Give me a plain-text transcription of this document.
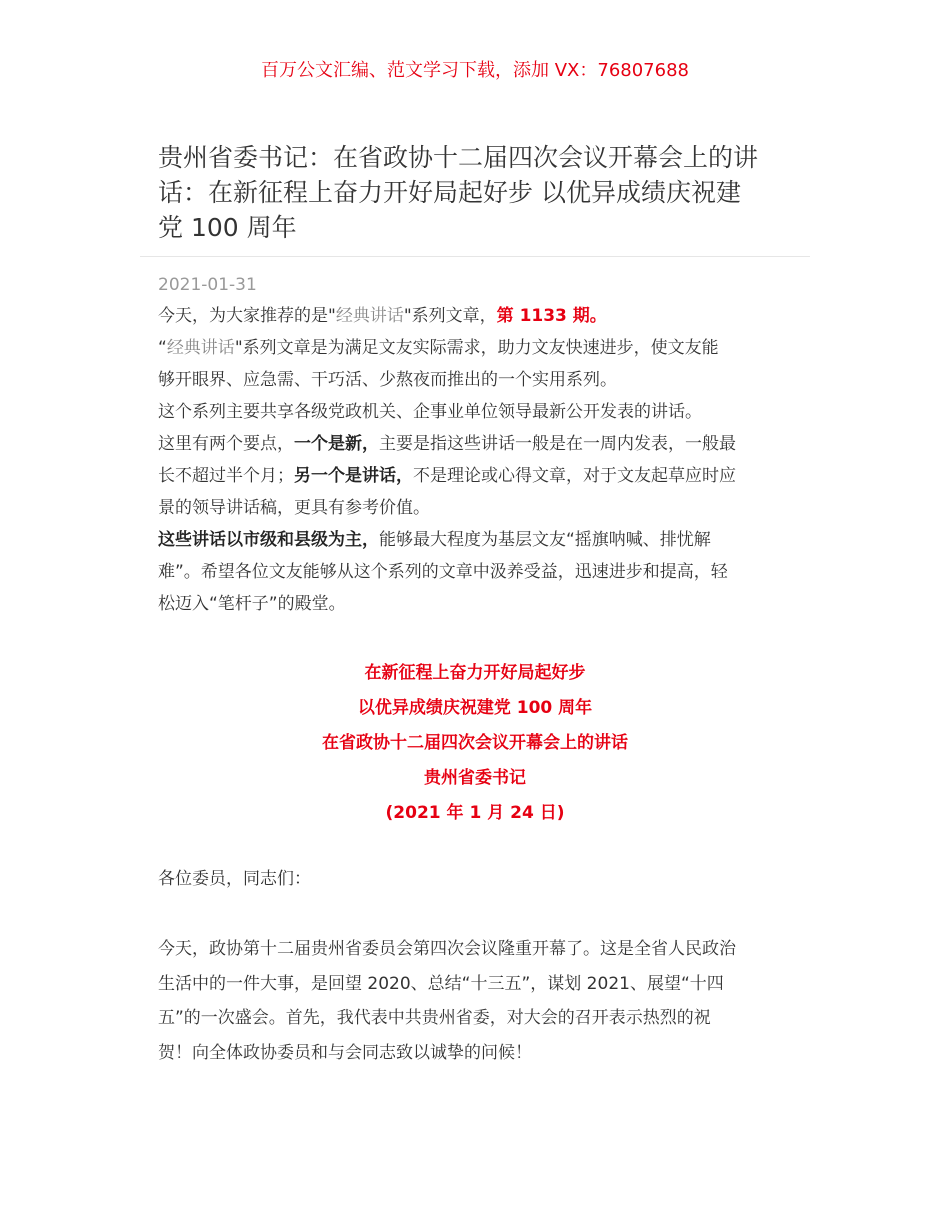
百万公文汇编、范文学习下载，添加 VX：76807688
贵州省委书记：在省政协十二届四次会议开幕会上的讲
话：在新征程上奋力开好局起好步 以优异成绩庆祝建
党 100 周年
2021-01-31
今天，为大家推荐的是"经典讲话"系列文章，第 1133 期。
“经典讲话"系列文章是为满足文友实际需求，助力文友快速进步，使文友能
够开眼界、应急需、干巧活、少熬夜而推出的一个实用系列。
这个系列主要共享各级党政机关、企事业单位领导最新公开发表的讲话。
这里有两个要点，一个是新，主要是指这些讲话一般是在一周内发表，一般最
长不超过半个月；另一个是讲话，不是理论或心得文章，对于文友起草应时应
景的领导讲话稿，更具有参考价值。
这些讲话以市级和县级为主，能够最大程度为基层文友“摇旗呐喊、排忧解
难”。希望各位文友能够从这个系列的文章中汲养受益，迅速进步和提高，轻
松迈入“笔杆子”的殿堂。
在新征程上奋力开好局起好步
以优异成绩庆祝建党 100 周年
在省政协十二届四次会议开幕会上的讲话
贵州省委书记
(2021 年 1 月 24 日)
各位委员，同志们：
今天，政协第十二届贵州省委员会第四次会议隆重开幕了。这是全省人民政治
生活中的一件大事，是回望 2020、总结“十三五”，谋划 2021、展望“十四
五”的一次盛会。首先，我代表中共贵州省委，对大会的召开表示热烈的祝
贺！向全体政协委员和与会同志致以诚挚的问候！
